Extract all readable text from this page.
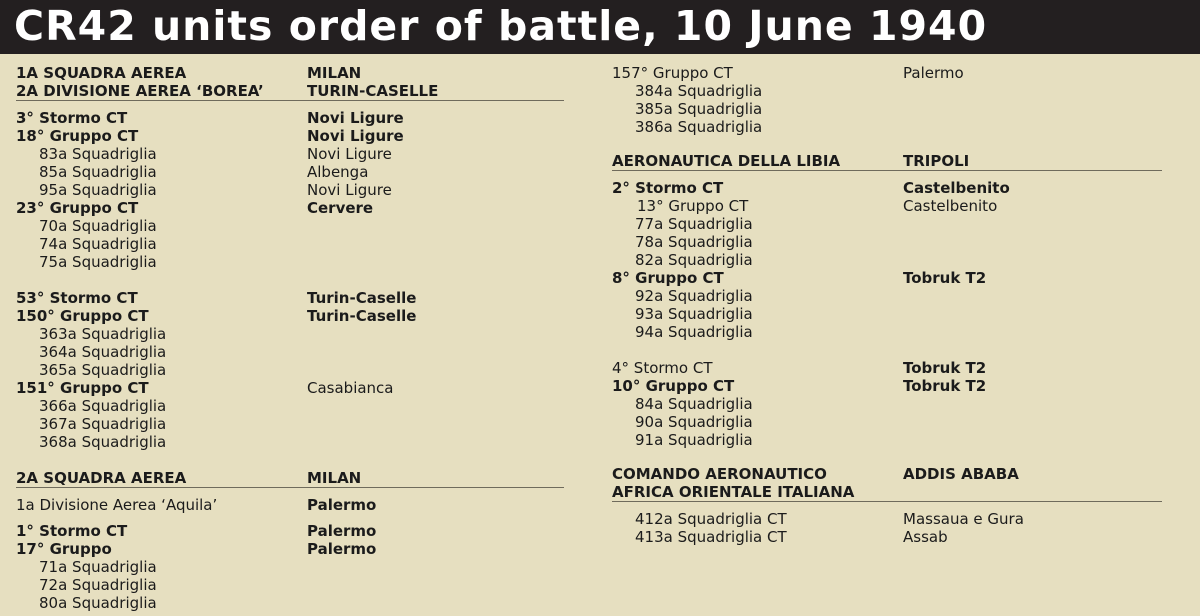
CR42 units order of battle, 10 June 1940
1A SQUADRA AEREA	MILAN
2A DIVISIONE AEREA ‘BOREA’	TURIN-CASELLE
3° Stormo CT	Novi Ligure
18° Gruppo CT	Novi Ligure
83a Squadriglia	Novi Ligure
85a Squadriglia	Albenga
95a Squadriglia	Novi Ligure
23° Gruppo CT	Cervere
70a Squadriglia
74a Squadriglia
75a Squadriglia
53° Stormo CT	Turin-Caselle
150° Gruppo CT	Turin-Caselle
363a Squadriglia
364a Squadriglia
365a Squadriglia
151° Gruppo CT	Casabianca
366a Squadriglia
367a Squadriglia
368a Squadriglia
2A SQUADRA AEREA	MILAN
1a Divisione Aerea ‘Aquila’	Palermo
1° Stormo CT	Palermo
17° Gruppo	Palermo
71a Squadriglia
72a Squadriglia
80a Squadriglia
157° Gruppo CT	Palermo
384a Squadriglia
385a Squadriglia
386a Squadriglia
AERONAUTICA DELLA LIBIA	TRIPOLI
2° Stormo CT	Castelbenito
13° Gruppo CT	Castelbenito
77a Squadriglia
78a Squadriglia
82a Squadriglia
8° Gruppo CT	Tobruk T2
92a Squadriglia
93a Squadriglia
94a Squadriglia
4° Stormo CT	Tobruk T2
10° Gruppo CT	Tobruk T2
84a Squadriglia
90a Squadriglia
91a Squadriglia
COMANDO AERONAUTICO	ADDIS ABABA
AFRICA ORIENTALE ITALIANA
412a Squadriglia CT	Massaua e Gura
413a Squadriglia CT	Assab
